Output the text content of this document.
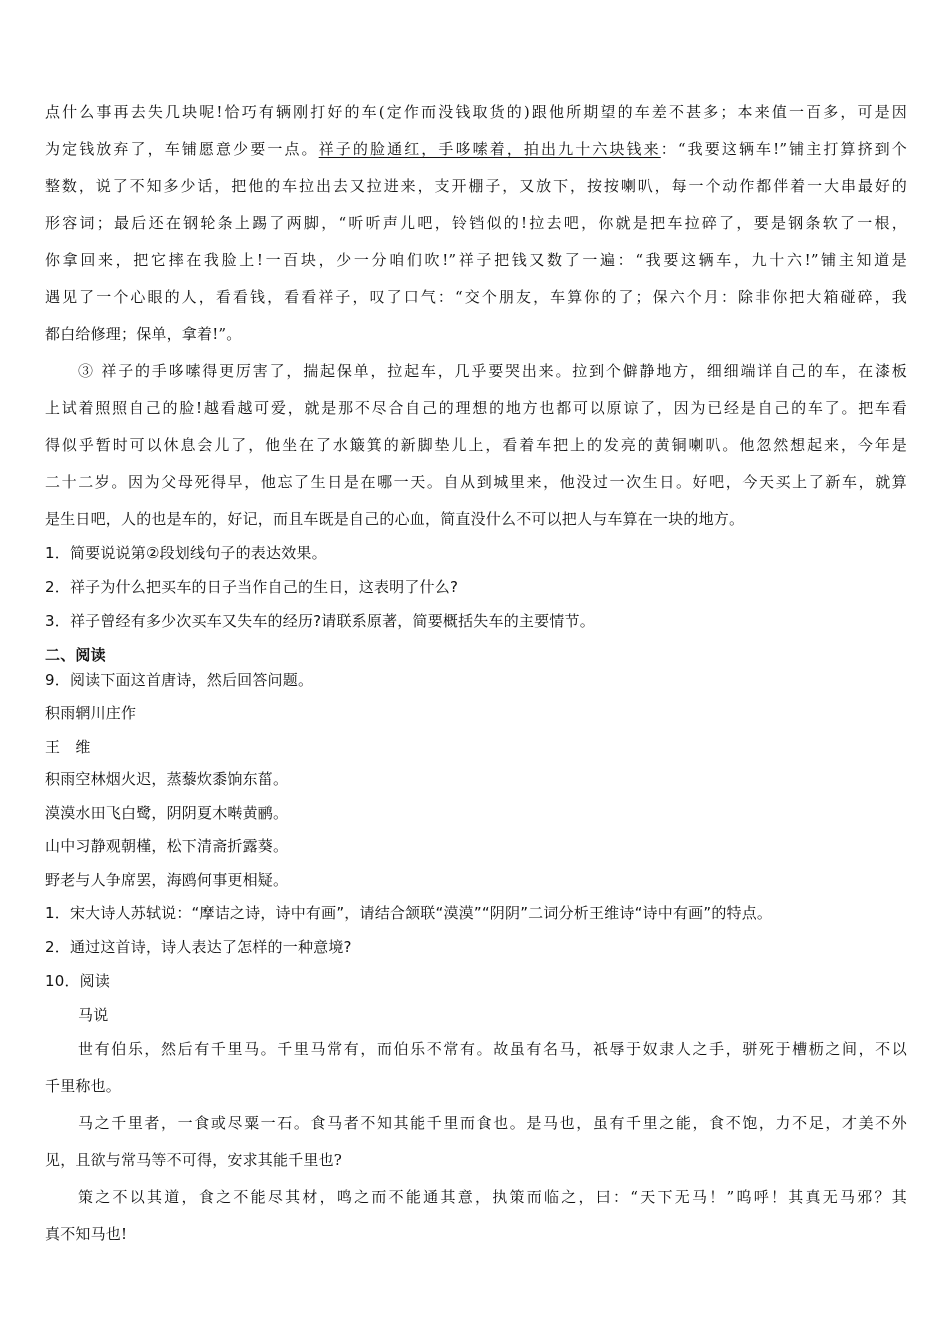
点什么事再去失几块呢!恰巧有辆刚打好的车(定作而没钱取货的)跟他所期望的车差不甚多；本来值一百多，可是因
为定钱放弃了，车铺愿意少要一点。祥子的脸通红，手哆嗦着，拍出九十六块钱来：“我要这辆车!”铺主打算挤到个
整数，说了不知多少话，把他的车拉出去又拉进来，支开棚子，又放下，按按喇叭，每一个动作都伴着一大串最好的
形容词；最后还在钢轮条上踢了两脚，“听听声儿吧，铃铛似的!拉去吧，你就是把车拉碎了，要是钢条软了一根，
你拿回来，把它摔在我脸上!一百块，少一分咱们吹!”祥子把钱又数了一遍：“我要这辆车，九十六!”铺主知道是
遇见了一个心眼的人，看看钱，看看祥子，叹了口气：“交个朋友，车算你的了；保六个月：除非你把大箱碰碎，我
都白给修理；保单，拿着!”。
③ 祥子的手哆嗦得更厉害了，揣起保单，拉起车，几乎要哭出来。拉到个僻静地方，细细端详自己的车，在漆板
上试着照照自己的脸!越看越可爱，就是那不尽合自己的理想的地方也都可以原谅了，因为已经是自己的车了。把车看
得似乎暂时可以休息会儿了，他坐在了水簸箕的新脚垫儿上，看着车把上的发亮的黄铜喇叭。他忽然想起来，今年是
二十二岁。因为父母死得早，他忘了生日是在哪一天。自从到城里来，他没过一次生日。好吧，今天买上了新车，就算
是生日吧，人的也是车的，好记，而且车既是自己的心血，简直没什么不可以把人与车算在一块的地方。
1．简要说说第②段划线句子的表达效果。
2．祥子为什么把买车的日子当作自己的生日，这表明了什么?
3．祥子曾经有多少次买车又失车的经历?请联系原著，简要概括失车的主要情节。
二、阅读
9．阅读下面这首唐诗，然后回答问题。
积雨辋川庄作
王　维
积雨空林烟火迟，蒸藜炊黍饷东菑。
漠漠水田飞白鹭，阴阴夏木啭黄鹂。
山中习静观朝槿，松下清斋折露葵。
野老与人争席罢，海鸥何事更相疑。
1．宋大诗人苏轼说：“摩诘之诗，诗中有画”，请结合颔联“漠漠”“阴阴”二词分析王维诗“诗中有画”的特点。
2．通过这首诗，诗人表达了怎样的一种意境?
10．阅读
马说
世有伯乐，然后有千里马。千里马常有，而伯乐不常有。故虽有名马，祇辱于奴隶人之手，骈死于槽枥之间，不以
千里称也。
马之千里者，一食或尽粟一石。食马者不知其能千里而食也。是马也，虽有千里之能，食不饱，力不足，才美不外
见，且欲与常马等不可得，安求其能千里也?
策之不以其道，食之不能尽其材，鸣之而不能通其意，执策而临之，曰：“天下无马！”呜呼！其真无马邪？其
真不知马也!
